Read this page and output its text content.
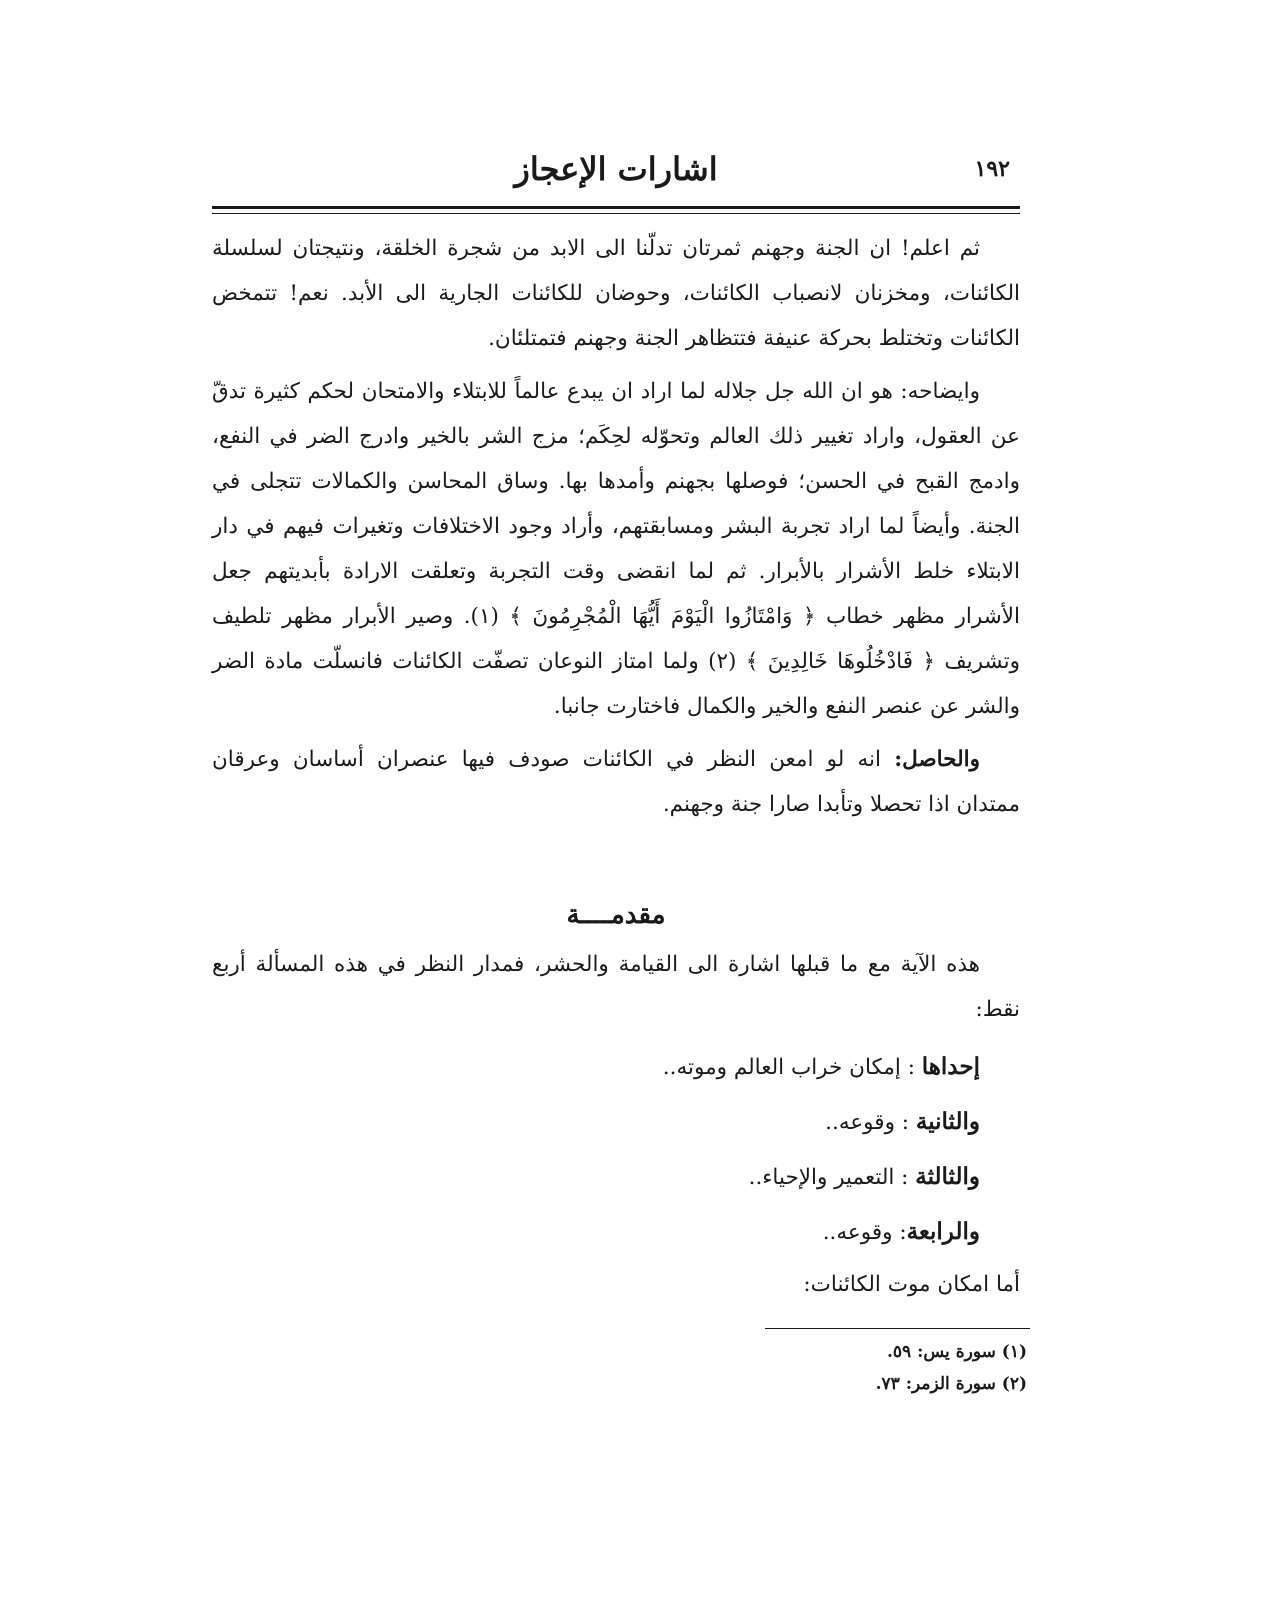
١٩٢
اشارات الإعجاز

ثم اعلم! ان الجنة وجهنم ثمرتان تدلّنا الى الابد من شجرة الخلقة، ونتيجتان لسلسلة الكائنات، ومخزنان لانصباب الكائنات، وحوضان للكائنات الجارية الى الأبد. نعم! تتمخض الكائنات وتختلط بحركة عنيفة فتتظاهر الجنة وجهنم فتمتلئان.

وايضاحه: هو ان الله جل جلاله لما اراد ان يبدع عالماً للابتلاء والامتحان لحكم كثيرة تدقّ عن العقول، واراد تغيير ذلك العالم وتحوّله لحِكَم؛ مزج الشر بالخير وادرج الضر في النفع، وادمج القبح في الحسن؛ فوصلها بجهنم وأمدها بها. وساق المحاسن والكمالات تتجلى في الجنة. وأيضاً لما اراد تجربة البشر ومسابقتهم، وأراد وجود الاختلافات وتغيرات فيهم في دار الابتلاء خلط الأشرار بالأبرار. ثم لما انقضى وقت التجربة وتعلقت الارادة بأبديتهم جعل الأشرار مظهر خطاب ﴿ وَامْتَازُوا الْيَوْمَ أَيُّهَا الْمُجْرِمُونَ ﴾ (١). وصير الأبرار مظهر تلطيف وتشريف ﴿ فَادْخُلُوهَا خَالِدِينَ ﴾ (٢) ولما امتاز النوعان تصفّت الكائنات فانسلّت مادة الضر والشر عن عنصر النفع والخير والكمال فاختارت جانبا.

والحاصل: انه لو امعن النظر في الكائنات صودف فيها عنصران أساسان وعرقان ممتدان اذا تحصلا وتأبدا صارا جنة وجهنم.

مقدمــــة

هذه الآية مع ما قبلها اشارة الى القيامة والحشر، فمدار النظر في هذه المسألة أربع نقط:

إحداها : إمكان خراب العالم وموته..
والثانية : وقوعه..
والثالثة : التعمير والإحياء..
والرابعة: وقوعه..

أما امكان موت الكائنات:

(١) سورة يس: ٥٩.
(٢) سورة الزمر: ٧٣.
